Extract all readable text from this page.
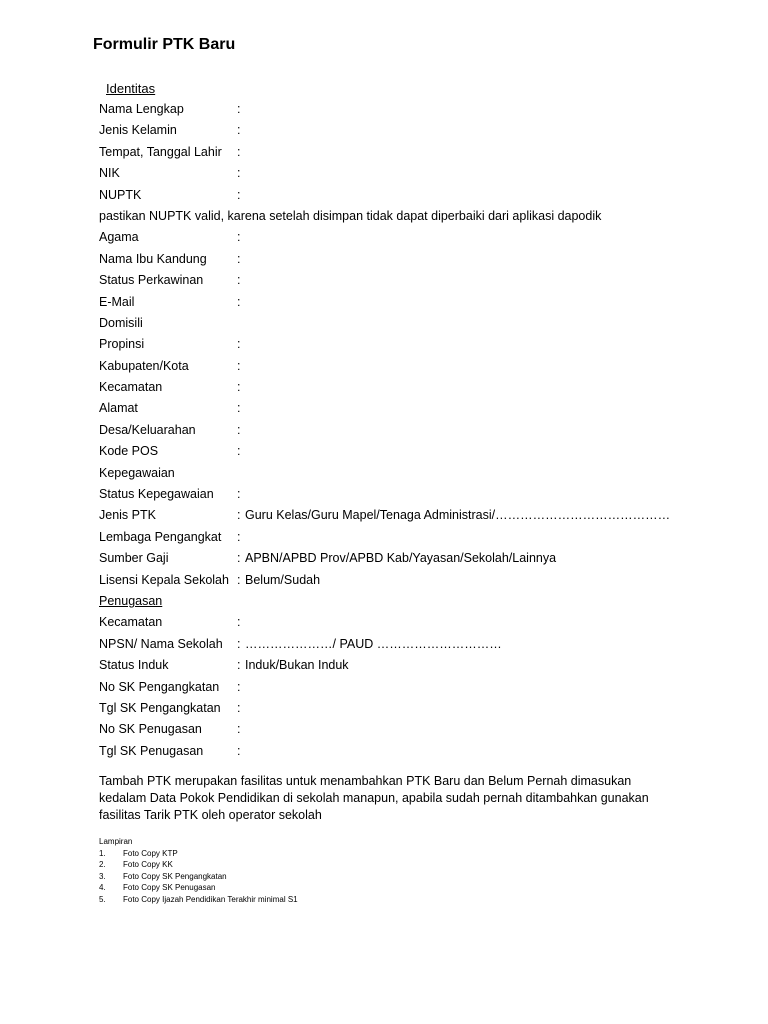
Formulir PTK Baru
Identitas
Nama Lengkap	:
Jenis Kelamin	:
Tempat, Tanggal Lahir :
NIK	:
NUPTK	:
pastikan NUPTK valid, karena setelah disimpan tidak dapat diperbaiki dari aplikasi dapodik
Agama	:
Nama Ibu Kandung :
Status Perkawinan	:
E-Mail	:
Domisili
Propinsi	:
Kabupaten/Kota	:
Kecamatan	:
Alamat	:
Desa/Keluarahan	:
Kode POS	:
Kepegawaian
Status Kepegawaian :
Jenis PTK	: Guru Kelas/Guru Mapel/Tenaga Administrasi/……………………………………
Lembaga Pengangkat :
Sumber Gaji	: APBN/APBD Prov/APBD Kab/Yayasan/Sekolah/Lainnya
Lisensi Kepala Sekolah : Belum/Sudah
Penugasan
Kecamatan	:
NPSN/ Nama Sekolah : …………………/ PAUD …………………………
Status Induk	: Induk/Bukan Induk
No SK Pengangkatan :
Tgl SK Pengangkatan :
No SK Penugasan	:
Tgl SK Penugasan	:
Tambah PTK merupakan fasilitas untuk menambahkan PTK Baru dan Belum Pernah dimasukan kedalam Data Pokok Pendidikan di sekolah manapun, apabila sudah pernah ditambahkan gunakan fasilitas Tarik PTK oleh operator sekolah
Lampiran
1. Foto Copy KTP
2. Foto Copy KK
3. Foto Copy SK Pengangkatan
4. Foto Copy SK Penugasan
5. Foto Copy Ijazah Pendidikan Terakhir minimal S1
